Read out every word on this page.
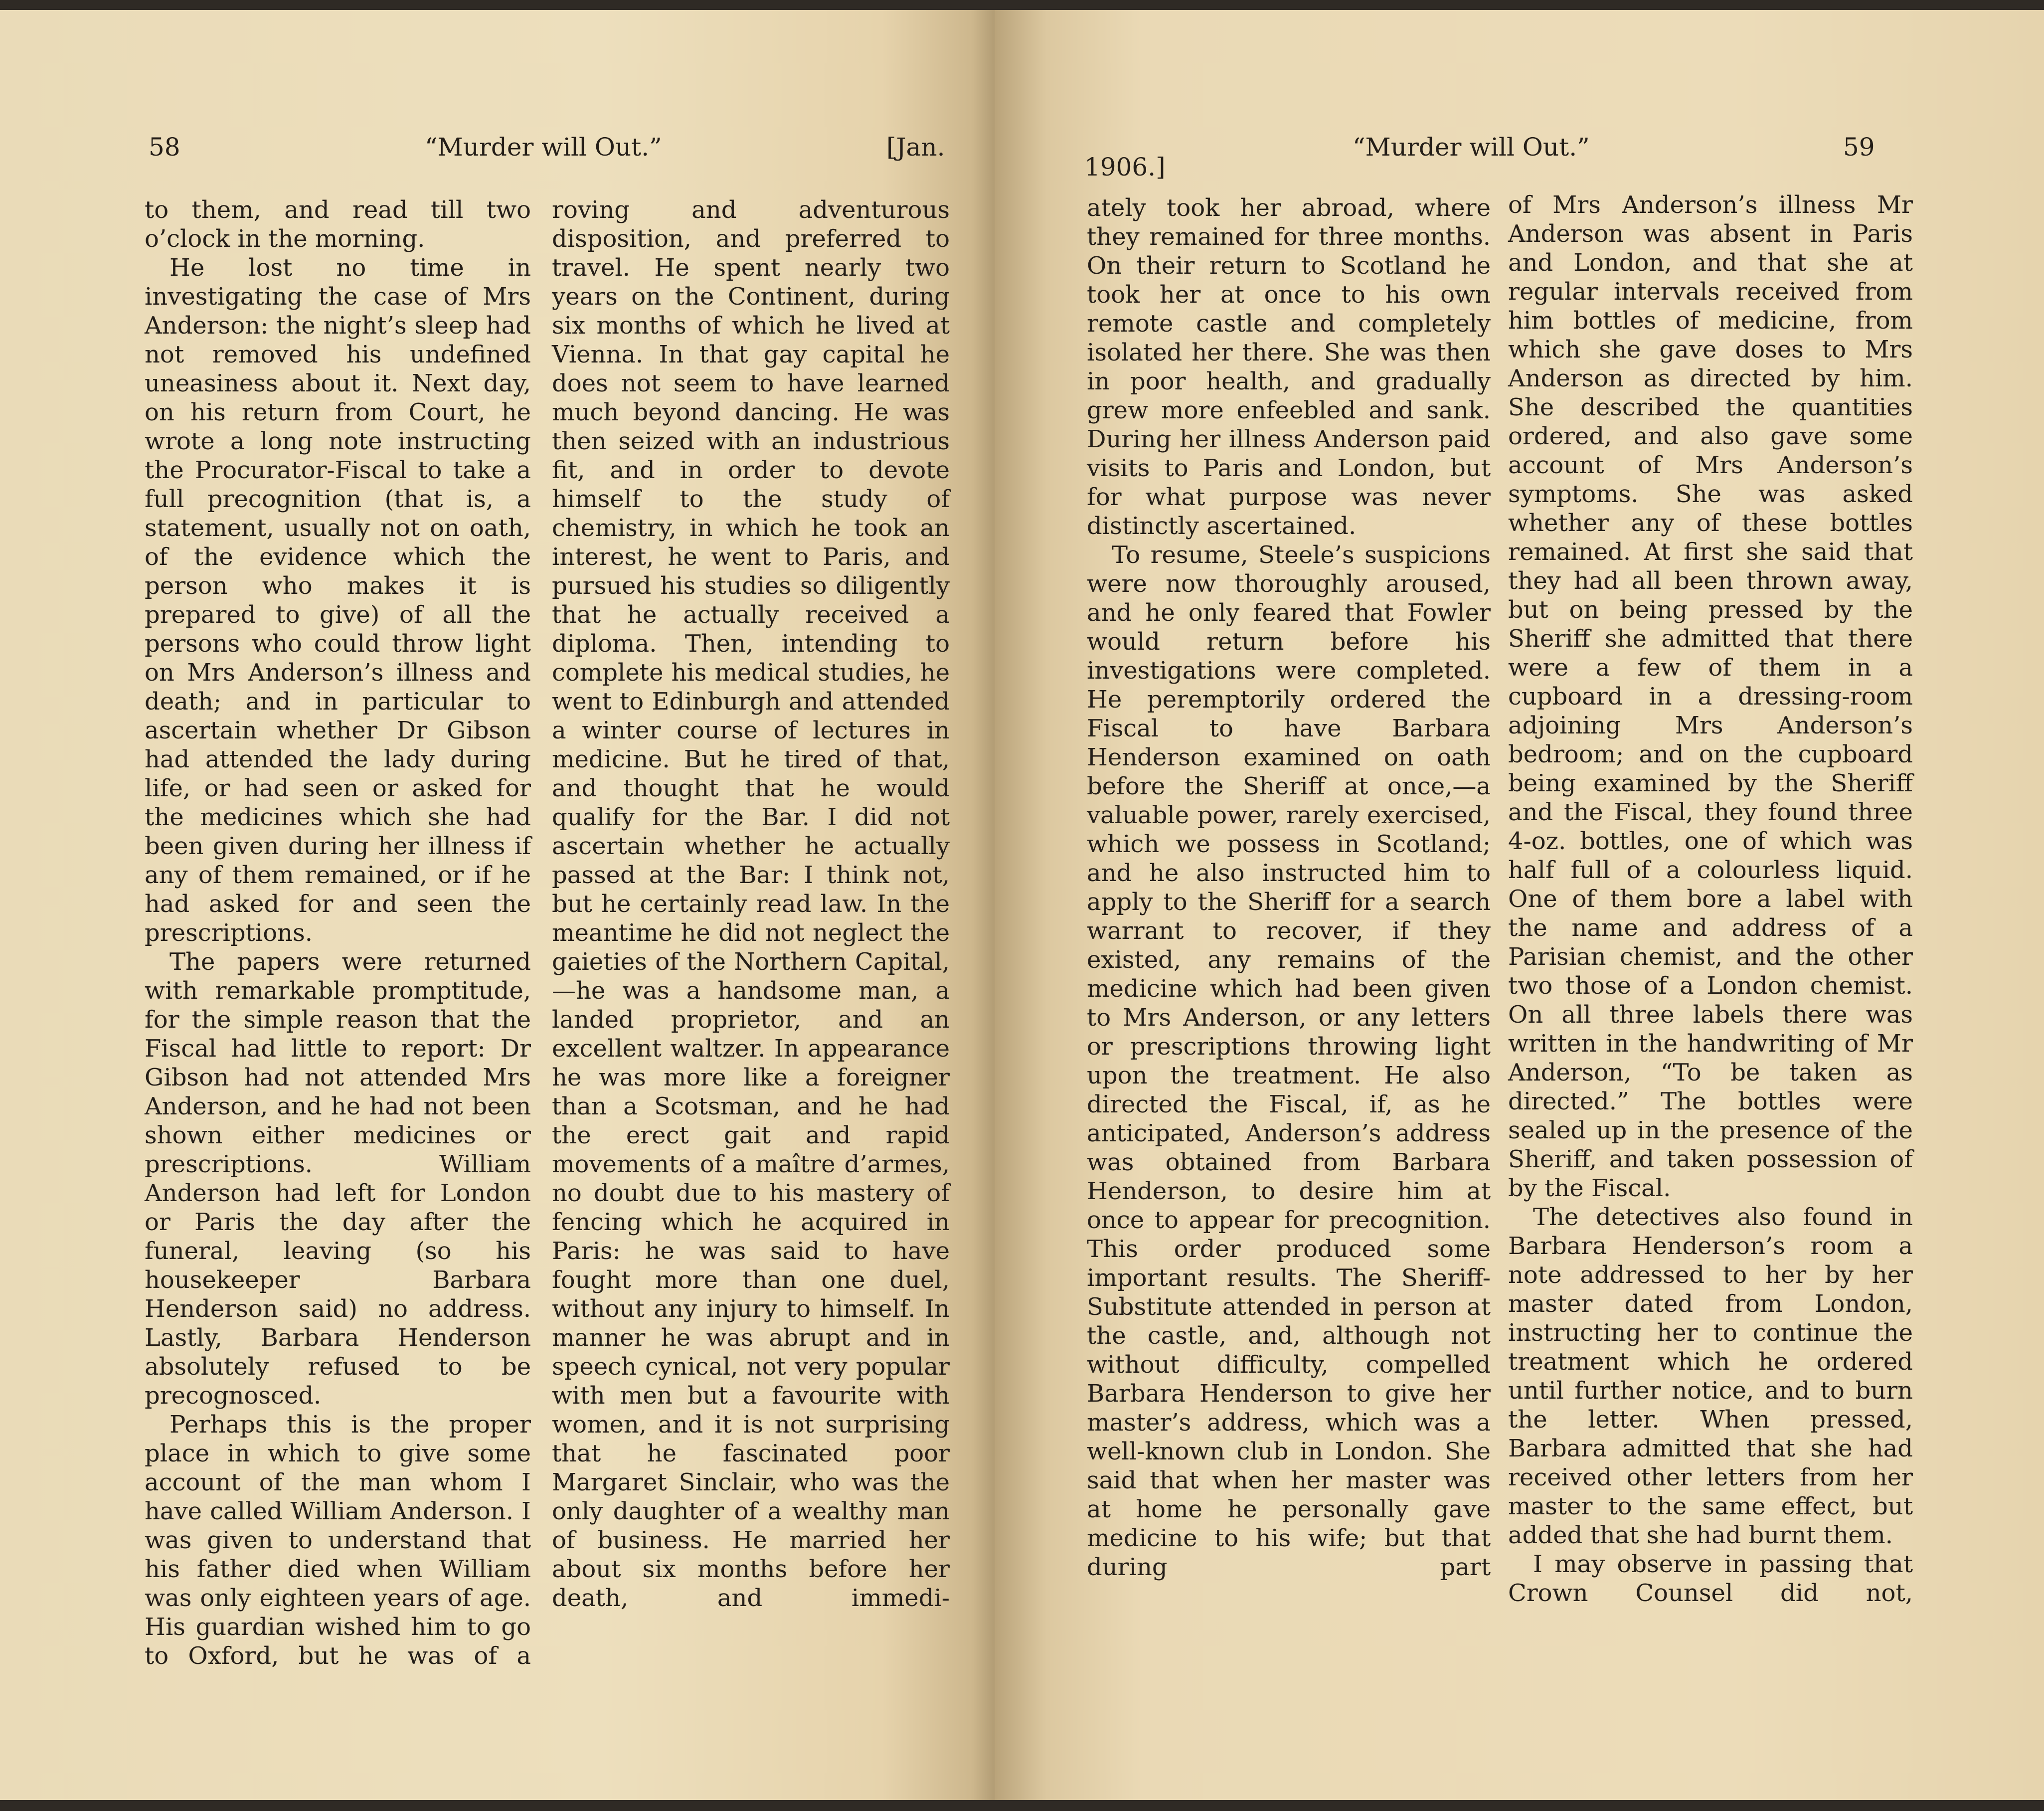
58	“Murder will Out.”	[Jan.

to them, and read till two o’clock in the morning.

He lost no time in investigating the case of Mrs Anderson: the night’s sleep had not removed his undefined uneasiness about it. Next day, on his return from Court, he wrote a long note instructing the Procurator-Fiscal to take a full precognition (that is, a statement, usually not on oath, of the evidence which the person who makes it is prepared to give) of all the persons who could throw light on Mrs Anderson’s illness and death; and in particular to ascertain whether Dr Gibson had attended the lady during life, or had seen or asked for the medicines which she had been given during her illness if any of them remained, or if he had asked for and seen the prescriptions.

The papers were returned with remarkable promptitude, for the simple reason that the Fiscal had little to report: Dr Gibson had not attended Mrs Anderson, and he had not been shown either medicines or prescriptions. William Anderson had left for London or Paris the day after the funeral, leaving (so his housekeeper Barbara Henderson said) no address. Lastly, Barbara Henderson absolutely refused to be precognosced.

Perhaps this is the proper place in which to give some account of the man whom I have called William Anderson. I was given to understand that his father died when William was only eighteen years of age. His guardian wished him to go to Oxford, but he was of a

roving and adventurous disposition, and preferred to travel. He spent nearly two years on the Continent, during six months of which he lived at Vienna. In that gay capital he does not seem to have learned much beyond dancing. He was then seized with an industrious fit, and in order to devote himself to the study of chemistry, in which he took an interest, he went to Paris, and pursued his studies so diligently that he actually received a diploma. Then, intending to complete his medical studies, he went to Edinburgh and attended a winter course of lectures in medicine. But he tired of that, and thought that he would qualify for the Bar. I did not ascertain whether he actually passed at the Bar: I think not, but he certainly read law. In the meantime he did not neglect the gaieties of the Northern Capital,—he was a handsome man, a landed proprietor, and an excellent waltzer. In appearance he was more like a foreigner than a Scotsman, and he had the erect gait and rapid movements of a maître d’armes, no doubt due to his mastery of fencing which he acquired in Paris: he was said to have fought more than one duel, without any injury to himself. In manner he was abrupt and in speech cynical, not very popular with men but a favourite with women, and it is not surprising that he fascinated poor Margaret Sinclair, who was the only daughter of a wealthy man of business. He married her about six months before her death, and immedi-

1906.]
“Murder will Out.”	59

ately took her abroad, where they remained for three months. On their return to Scotland he took her at once to his own remote castle and completely isolated her there. She was then in poor health, and gradually grew more enfeebled and sank. During her illness Anderson paid visits to Paris and London, but for what purpose was never distinctly ascertained.

To resume, Steele’s suspicions were now thoroughly aroused, and he only feared that Fowler would return before his investigations were completed. He peremptorily ordered the Fiscal to have Barbara Henderson examined on oath before the Sheriff at once,—a valuable power, rarely exercised, which we possess in Scotland; and he also instructed him to apply to the Sheriff for a search warrant to recover, if they existed, any remains of the medicine which had been given to Mrs Anderson, or any letters or prescriptions throwing light upon the treatment. He also directed the Fiscal, if, as he anticipated, Anderson’s address was obtained from Barbara Henderson, to desire him at once to appear for precognition. This order produced some important results. The Sheriff-Substitute attended in person at the castle, and, although not without difficulty, compelled Barbara Henderson to give her master’s address, which was a well-known club in London. She said that when her master was at home he personally gave medicine to his wife; but that during part

of Mrs Anderson’s illness Mr Anderson was absent in Paris and London, and that she at regular intervals received from him bottles of medicine, from which she gave doses to Mrs Anderson as directed by him. She described the quantities ordered, and also gave some account of Mrs Anderson’s symptoms. She was asked whether any of these bottles remained. At first she said that they had all been thrown away, but on being pressed by the Sheriff she admitted that there were a few of them in a cupboard in a dressing-room adjoining Mrs Anderson’s bedroom; and on the cupboard being examined by the Sheriff and the Fiscal, they found three 4-oz. bottles, one of which was half full of a colourless liquid. One of them bore a label with the name and address of a Parisian chemist, and the other two those of a London chemist. On all three labels there was written in the handwriting of Mr Anderson, “To be taken as directed.” The bottles were sealed up in the presence of the Sheriff, and taken possession of by the Fiscal.

The detectives also found in Barbara Henderson’s room a note addressed to her by her master dated from London, instructing her to continue the treatment which he ordered until further notice, and to burn the letter. When pressed, Barbara admitted that she had received other letters from her master to the same effect, but added that she had burnt them.

I may observe in passing that Crown Counsel did not,
